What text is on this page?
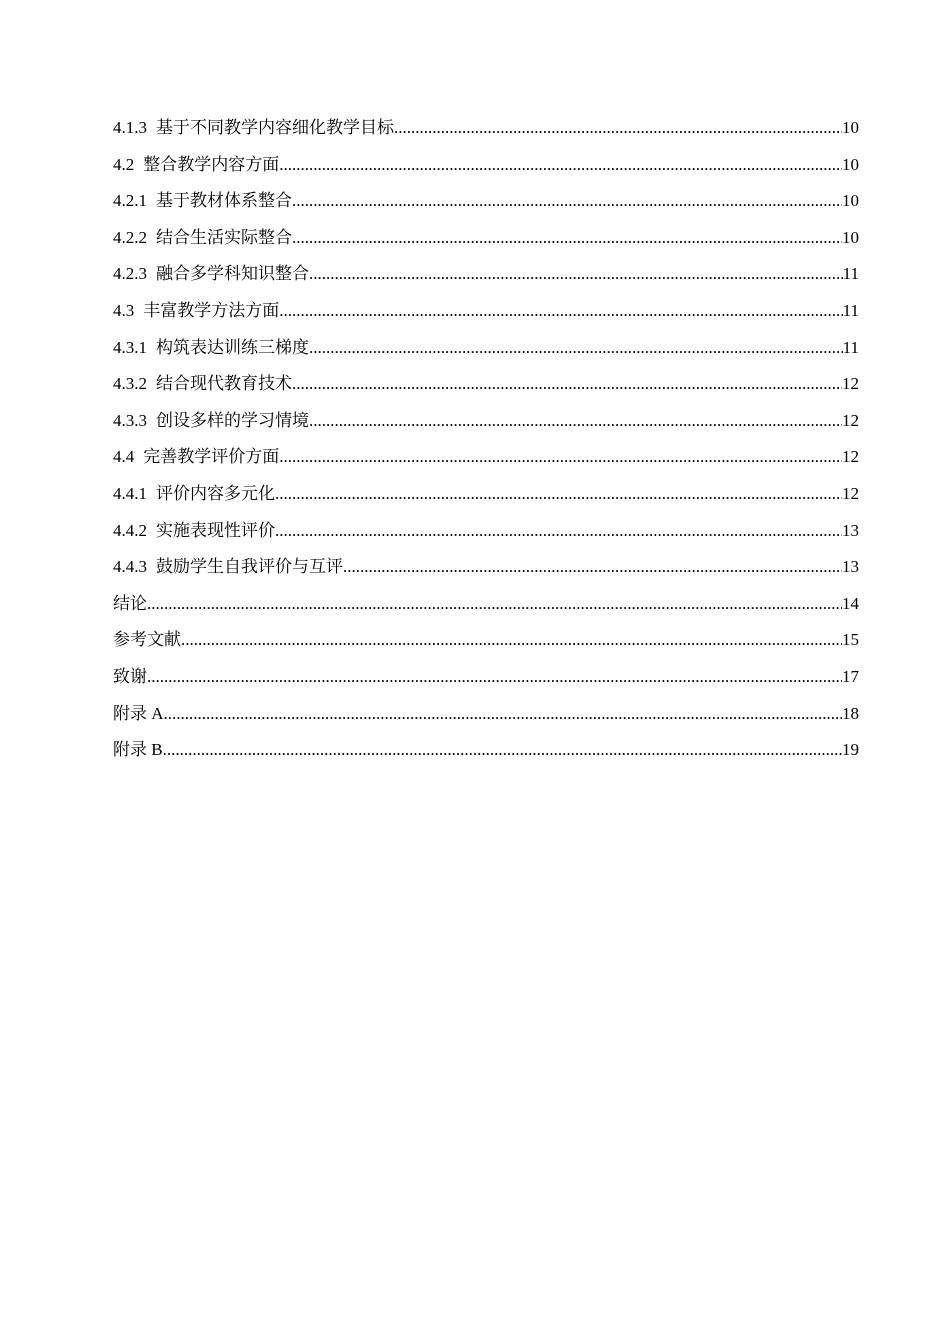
4.1.3 基于不同教学内容细化教学目标 .....	10
4.2 整合教学内容方面 .....	10
4.2.1 基于教材体系整合 .....	10
4.2.2 结合生活实际整合 .....	10
4.2.3 融合多学科知识整合 .....	11
4.3 丰富教学方法方面 .....	11
4.3.1 构筑表达训练三梯度 .....	11
4.3.2 结合现代教育技术 .....	12
4.3.3 创设多样的学习情境 .....	12
4.4 完善教学评价方面 .....	12
4.4.1 评价内容多元化 .....	12
4.4.2 实施表现性评价 .....	13
4.4.3 鼓励学生自我评价与互评 .....	13
结论 .....	14
参考文献 .....	15
致谢 .....	17
附录 A .....	18
附录 B .....	19
